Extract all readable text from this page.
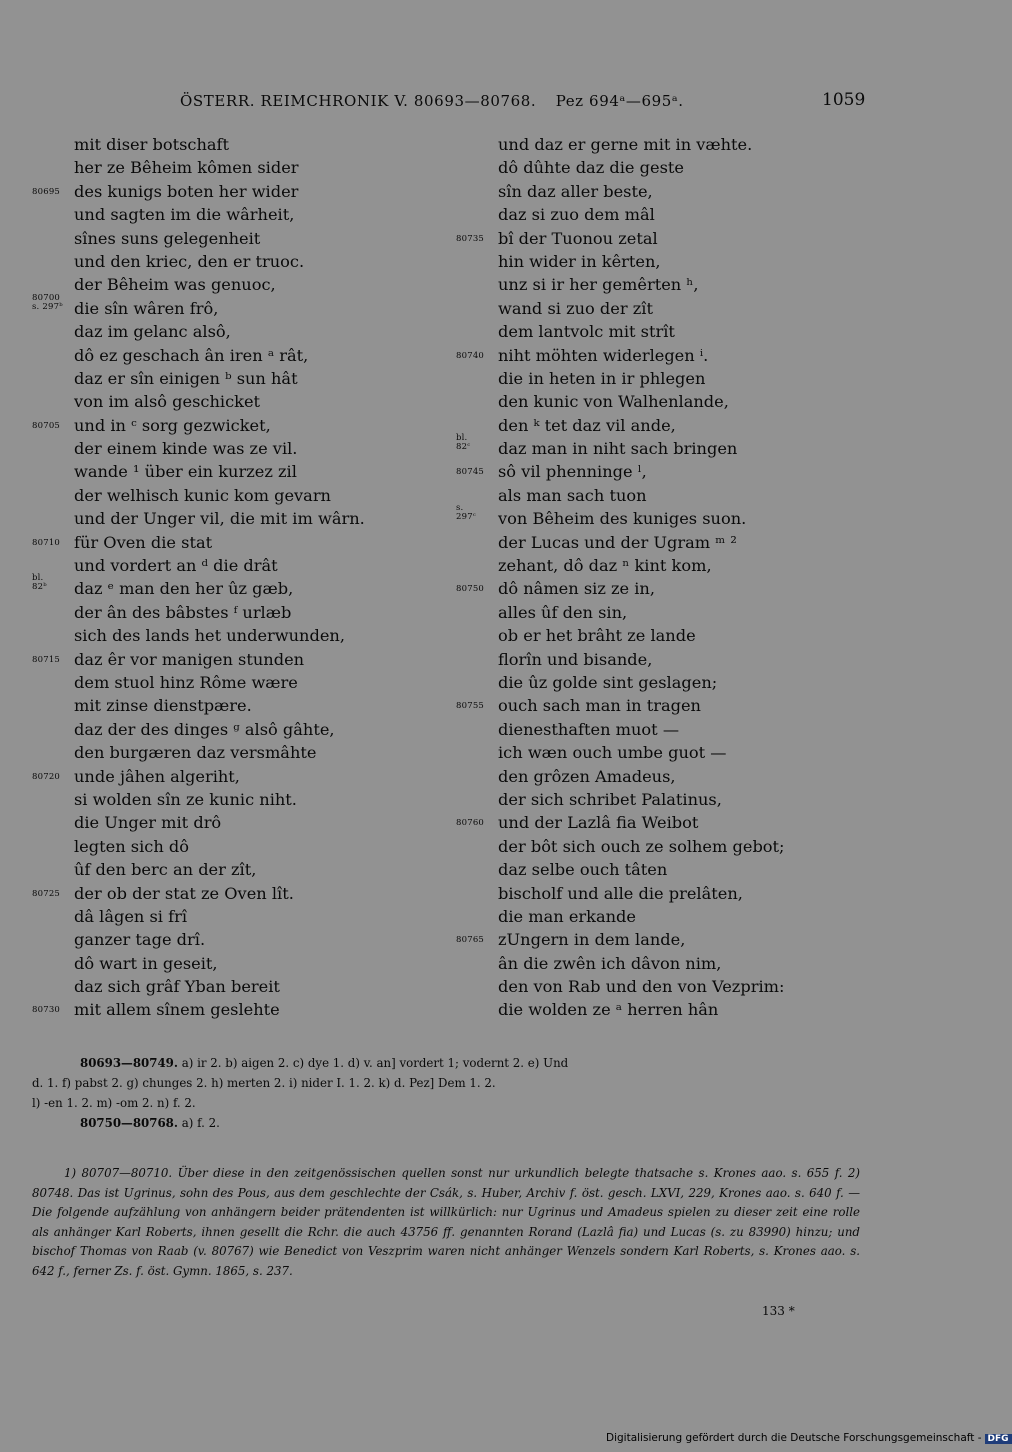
ÖSTERR. REIMCHRONIK V. 80693—80768. Pez 694ᵃ—695ᵃ.	1059
mit diser botschaft
her ze Bêheim kômen sider
80695 des kunigs boten her wider
und sagten im die wârheit,
sînes suns gelegenheit
und den kriec, den er truoc.
der Bêheim was genuoc,
80700
s. 297ᵇ die sîn wâren frô,
daz im gelanc alsô,
dô ez geschach ân iren ᵃ rât,
daz er sîn einigen ᵇ sun hât
von im alsô geschicket
80705 und in ᶜ sorg gezwicket,
der einem kinde was ze vil.
wande ¹ über ein kurzez zil
der welhisch kunic kom gevarn
und der Unger vil, die mit im wârn.
80710 für Oven die stat
und vordert an ᵈ die drât
bl.
82ᵇ	daz ᵉ man den her ûz gæb,
der ân des bâbstes ᶠ urlæb
sich des lands het underwunden,
80715 daz êr vor manigen stunden
dem stuol hinz Rôme wære
mit zinse dienstpære.
daz der des dinges ᵍ alsô gâhte,
den burgæren daz versmâhte
80720 unde jâhen algeriht,
si wolden sîn ze kunic niht.
die Unger mit drô
legten sich dô
ûf den berc an der zît,
80725 der ob der stat ze Oven lît.
dâ lâgen si frî
ganzer tage drî.
dô wart in geseit,
daz sich grâf Yban bereit
80730 mit allem sînem geslehte
und daz er gerne mit in væhte.
dô dûhte daz die geste
sîn daz aller beste,
daz si zuo dem mâl
80735 bî der Tuonou zetal
hin wider in kêrten,
unz si ir her gemêrten ʰ,
wand si zuo der zît
dem lantvolc mit strît
80740 niht möhten widerlegen ⁱ.
die in heten in ir phlegen
den kunic von Walhenlande,
den ᵏ tet daz vil ande,
bl.
82ᶜ	daz man in niht sach bringen
80745 sô vil phenninge ˡ,
als man sach tuon
s.
297ᶜ	von Bêheim des kuniges suon.
der Lucas und der Ugram ᵐ ²
zehant, dô daz ⁿ kint kom,
80750 dô nâmen siz ze in,
alles ûf den sin,
ob er het brâht ze lande
florîn und bisande,
die ûz golde sint geslagen;
80755 ouch sach man in tragen
dienesthaften muot —
ich wæn ouch umbe guot —
den grôzen Amadeus,
der sich schribet Palatinus,
80760 und der Lazlâ fia Weibot
der bôt sich ouch ze solhem gebot;
daz selbe ouch tâten
bischolf und alle die prelâten,
die man erkande
80765 zUngern in dem lande,
ân die zwên ich dâvon nim,
den von Rab und den von Vezprim:
die wolden ze ᵃ herren hân

80693—80749. a) ir 2. b) aigen 2. c) dye 1. d) v. an] vordert 1; vodernt 2. e) Und

d. 1. f) pabst 2. g) chunges 2. h) merten 2. i) nider I. 1. 2. k) d. Pez] Dem 1. 2.

l) -en 1. 2. m) -om 2. n) f. 2.

80750—80768. a) f. 2.

1) 80707—80710. Über diese in den zeitgenössischen quellen sonst nur urkundlich belegte thatsache s. Krones aao. s. 655 f. 2) 80748. Das ist Ugrinus, sohn des Pous, aus dem geschlechte der Csák, s. Huber, Archiv f. öst. gesch. LXVI, 229, Krones aao. s. 640 f. — Die folgende aufzählung von anhängern beider prätendenten ist willkürlich: nur Ugrinus und Amadeus spielen zu dieser zeit eine rolle als anhänger Karl Roberts, ihnen gesellt die Rchr. die auch 43756 ff. genannten Rorand (Lazlâ fia) und Lucas (s. zu 83990) hinzu; und bischof Thomas von Raab (v. 80767) wie Benedict von Veszprim waren nicht anhänger Wenzels sondern Karl Roberts, s. Krones aao. s. 642 f., ferner Zs. f. öst. Gymn. 1865, s. 237.

133 *
Digitalisierung gefördert durch die Deutsche Forschungsgemeinschaft - DFG
